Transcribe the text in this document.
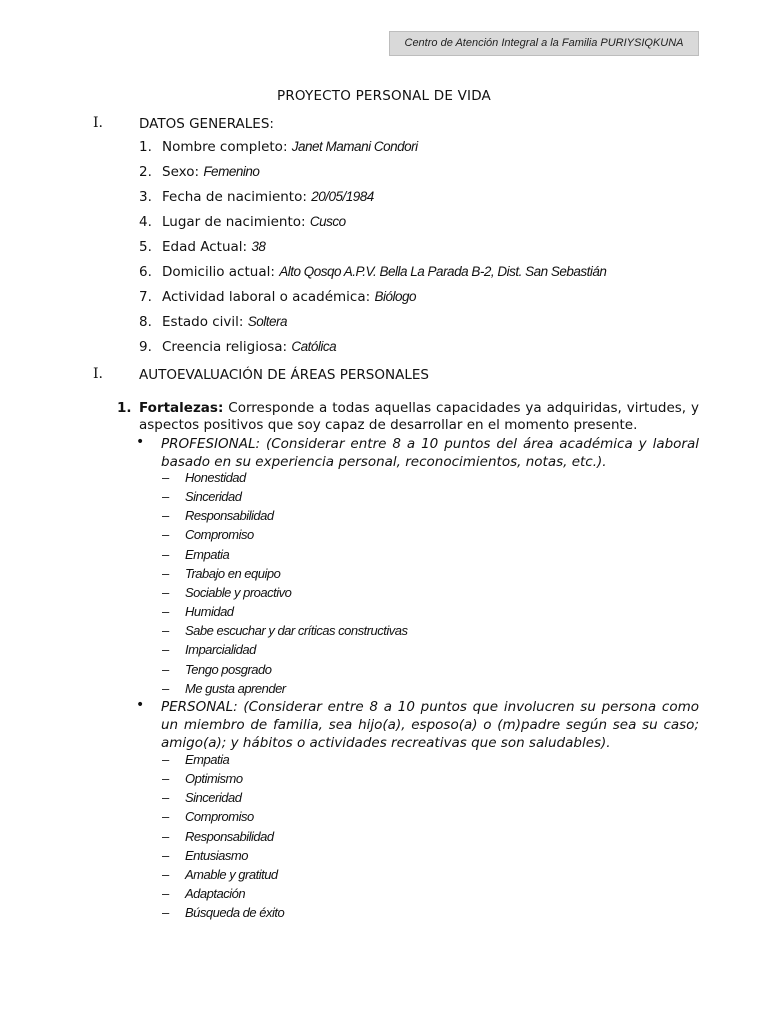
Centro de Atención Integral a la Familia PURIYSIQKUNA
PROYECTO PERSONAL DE VIDA
I.	DATOS GENERALES:
1. Nombre completo: Janet Mamani Condori
2. Sexo: Femenino
3. Fecha de nacimiento: 20/05/1984
4. Lugar de nacimiento: Cusco
5. Edad Actual: 38
6. Domicilio actual: Alto Qosqo A.P.V. Bella La Parada B-2, Dist. San Sebastián
7. Actividad laboral o académica: Biólogo
8. Estado civil: Soltera
9. Creencia religiosa: Católica
I.	AUTOEVALUACIÓN DE ÁREAS PERSONALES
1. Fortalezas: Corresponde a todas aquellas capacidades ya adquiridas, virtudes, y aspectos positivos que soy capaz de desarrollar en el momento presente.
• PROFESIONAL: (Considerar entre 8 a 10 puntos del área académica y laboral basado en su experiencia personal, reconocimientos, notas, etc.).
– Honestidad
– Sinceridad
– Responsabilidad
– Compromiso
– Empatia
– Trabajo en equipo
– Sociable y proactivo
– Humidad
– Sabe escuchar y dar críticas constructivas
– Imparcialidad
– Tengo posgrado
– Me gusta aprender
• PERSONAL: (Considerar entre 8 a 10 puntos que involucren su persona como un miembro de familia, sea hijo(a), esposo(a) o (m)padre según sea su caso; amigo(a); y hábitos o actividades recreativas que son saludables).
– Empatia
– Optimismo
– Sinceridad
– Compromiso
– Responsabilidad
– Entusiasmo
– Amable y gratitud
– Adaptación
– Búsqueda de éxito
